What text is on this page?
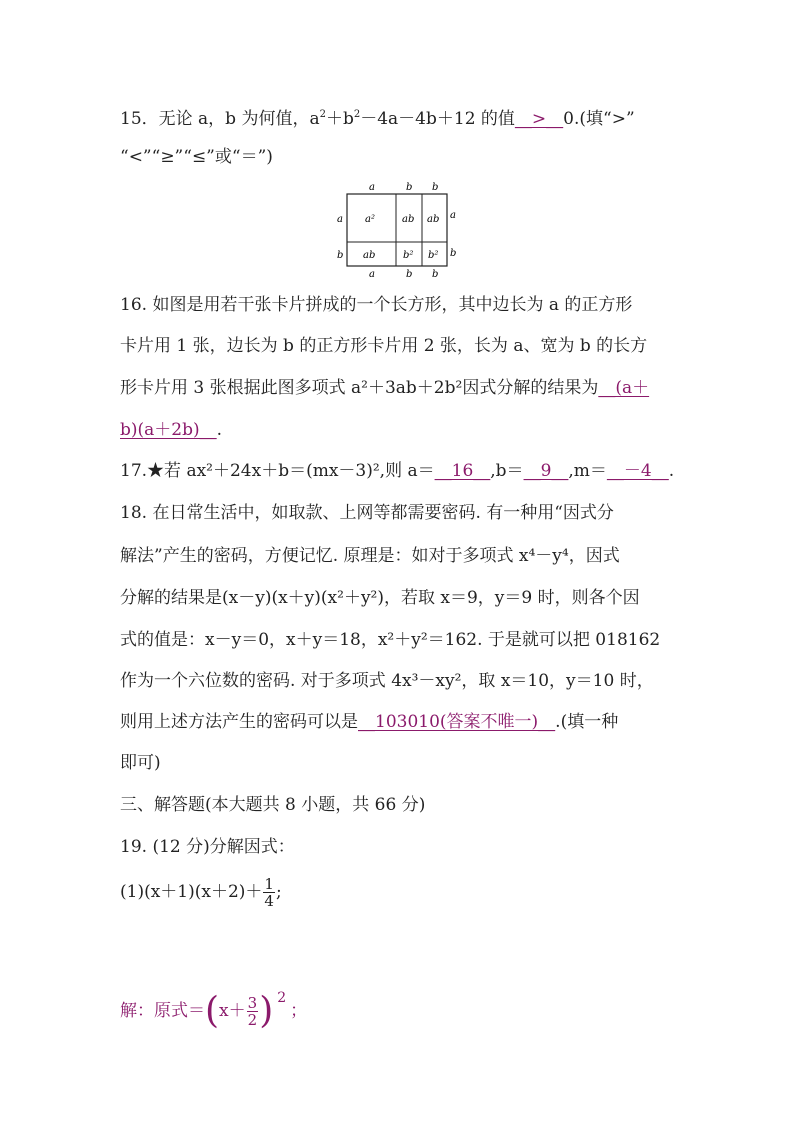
15．无论 a，b 为何值，$a^2+b^2-4a-4b+12$ 的值__>__0.(填“>”
“<”“≥”“≤”或“＝”)
a	b b
a	b b
a
b
a
b
a²	ab ab
ab	b² b²
16. 如图是用若干张卡片拼成的一个长方形，其中边长为 a 的正方形
卡片用 1 张，边长为 b 的正方形卡片用 2 张，长为 a、宽为 b 的长方
形卡片用 3 张根据此图多项式 a²＋3ab＋2b²因式分解的结果为__(a＋
b)(a＋2b)__.
17.★若 ax²＋24x＋b＝(mx－3)²,则 a＝__16__,b＝__9__,m＝__－4__.
18. 在日常生活中，如取款、上网等都需要密码. 有一种用“因式分
解法”产生的密码，方便记忆. 原理是：如对于多项式 x⁴－y⁴，因式
分解的结果是(x－y)(x＋y)(x²＋y²)，若取 x＝9，y＝9 时，则各个因
式的值是：x－y＝0，x＋y＝18，x²＋y²＝162. 于是就可以把 018162
作为一个六位数的密码. 对于多项式 4x³－xy²，取 x＝10，y＝10 时，
则用上述方法产生的密码可以是__103010(答案不唯一)__.(填一种
即可)
三、解答题(本大题共 8 小题，共 66 分)
19. (12 分)分解因式：
$(1)(x+1)(x+2)+ \frac{1}{4}$ ;
解：原式$=(x+ \frac{3}{2}$ ) $^2$；
